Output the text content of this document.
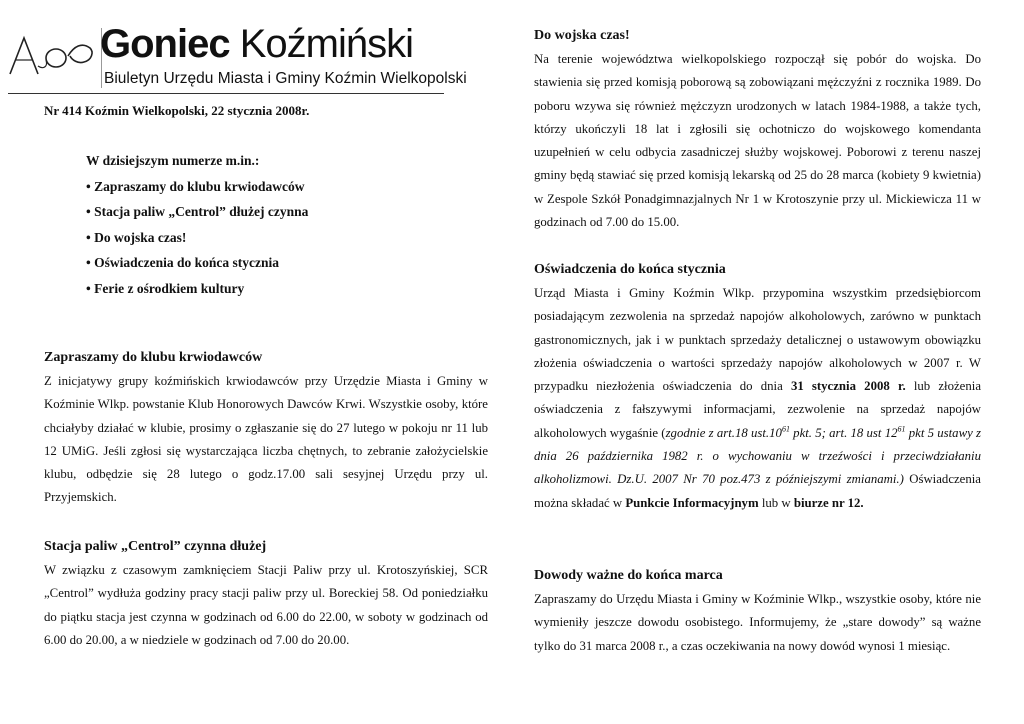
Goniec Koźmiński
Biuletyn Urzędu Miasta i Gminy Koźmin Wielkopolski
Nr 414 Koźmin Wielkopolski, 22 stycznia 2008r.
W dzisiejszym numerze m.in.:
• Zapraszamy do klubu krwiodawców
• Stacja paliw „Centrol” dłużej czynna
• Do wojska czas!
• Oświadczenia do końca stycznia
• Ferie z ośrodkiem kultury
Zapraszamy do klubu krwiodawców

Z inicjatywy grupy koźmińskich krwiodawców przy Urzędzie Miasta i Gminy w Koźminie Wlkp. powstanie Klub Honorowych Dawców Krwi. Wszystkie osoby, które chciałyby działać w klubie, prosimy o zgłaszanie się do 27 lutego w pokoju nr 11 lub 12 UMiG. Jeśli zgłosi się wystarczająca liczba chętnych, to zebranie założycielskie klubu, odbędzie się 28 lutego o godz.17.00 sali sesyjnej Urzędu przy ul. Przyjemskich.

Stacja paliw „Centrol” czynna dłużej

W związku z czasowym zamknięciem Stacji Paliw przy ul. Krotoszyńskiej, SCR „Centrol” wydłuża godziny pracy stacji paliw przy ul. Boreckiej 58. Od poniedziałku do piątku stacja jest czynna w godzinach od 6.00 do 22.00, w soboty w godzinach od 6.00 do 20.00, a w niedziele w godzinach od 7.00 do 20.00.

Do wojska czas!

Na terenie województwa wielkopolskiego rozpoczął się pobór do wojska. Do stawienia się przed komisją poborową są zobowiązani mężczyźni z rocznika 1989. Do poboru wzywa się również mężczyzn urodzonych w latach 1984-1988, a także tych, którzy ukończyli 18 lat i zgłosili się ochotniczo do wojskowego komendanta uzupełnień w celu odbycia zasadniczej służby wojskowej. Poborowi z terenu naszej gminy będą stawiać się przed komisją lekarską od 25 do 28 marca (kobiety 9 kwietnia) w Zespole Szkół Ponadgimnazjalnych Nr 1 w Krotoszynie przy ul. Mickiewicza 11 w godzinach od 7.00 do 15.00.

Oświadczenia do końca stycznia

Urząd Miasta i Gminy Koźmin Wlkp. przypomina wszystkim przedsiębiorcom posiadającym zezwolenia na sprzedaż napojów alkoholowych, zarówno w punktach gastronomicznych, jak i w punktach sprzedaży detalicznej o ustawowym obowiązku złożenia oświadczenia o wartości sprzedaży napojów alkoholowych w 2007 r. W przypadku niezłożenia oświadczenia do dnia 31 stycznia 2008 r. lub złożenia oświadczenia z fałszywymi informacjami, zezwolenie na sprzedaż napojów alkoholowych wygaśnie (zgodnie z art.18 $ust.10^{61}$ pkt. 5; art. 18 ust $12^{61}$ pkt 5 ustawy z dnia 26 października 1982 r. o wychowaniu w trzeźwości i przeciwdziałaniu alkoholizmowi. Dz.U. 2007 Nr 70 poz.473 z późniejszymi zmianami.) Oświadczenia można składać w Punkcie Informacyjnym lub w biurze nr 12.

Dowody ważne do końca marca

Zapraszamy do Urzędu Miasta i Gminy w Koźminie Wlkp., wszystkie osoby, które nie wymieniły jeszcze dowodu osobistego. Informujemy, że „stare dowody” są ważne tylko do 31 marca 2008 r., a czas oczekiwania na nowy dowód wynosi 1 miesiąc.
